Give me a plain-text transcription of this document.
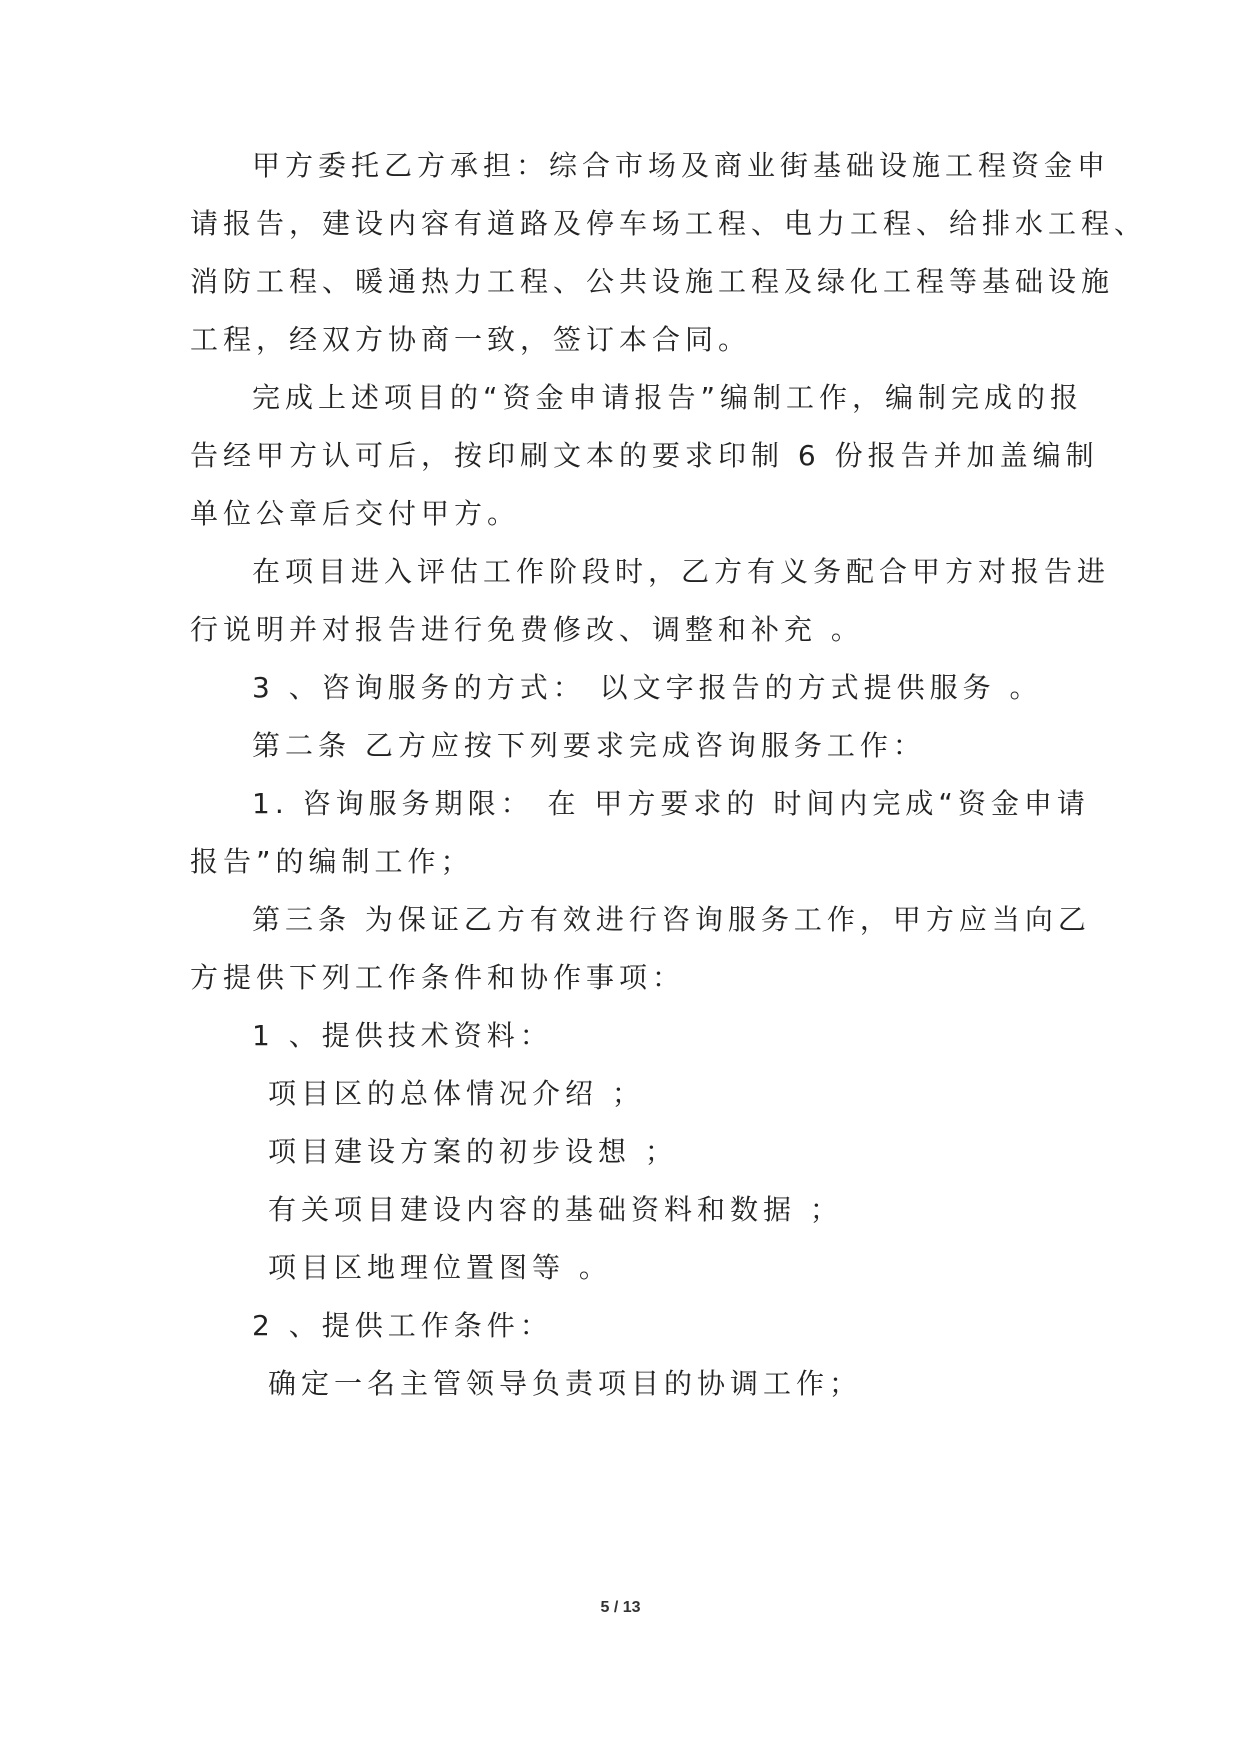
甲方委托乙方承担：综合市场及商业街基础设施工程资金申
请报告，建设内容有道路及停车场工程、电力工程、给排水工程、
消防工程、暖通热力工程、公共设施工程及绿化工程等基础设施
工程，经双方协商一致，签订本合同。
完成上述项目的“资金申请报告”编制工作，编制完成的报
告经甲方认可后，按印刷文本的要求印制 6 份报告并加盖编制
单位公章后交付甲方。
在项目进入评估工作阶段时，乙方有义务配合甲方对报告进
行说明并对报告进行免费修改、调整和补充 。
3 、咨询服务的方式： 以文字报告的方式提供服务 。
第二条 乙方应按下列要求完成咨询服务工作：
1. 咨询服务期限： 在 甲方要求的 时间内完成“资金申请
报告”的编制工作；
第三条 为保证乙方有效进行咨询服务工作，甲方应当向乙
方提供下列工作条件和协作事项：
1 、提供技术资料：
项目区的总体情况介绍 ；
项目建设方案的初步设想 ；
有关项目建设内容的基础资料和数据 ；
项目区地理位置图等 。
2 、提供工作条件：
确定一名主管领导负责项目的协调工作；
5 / 13
